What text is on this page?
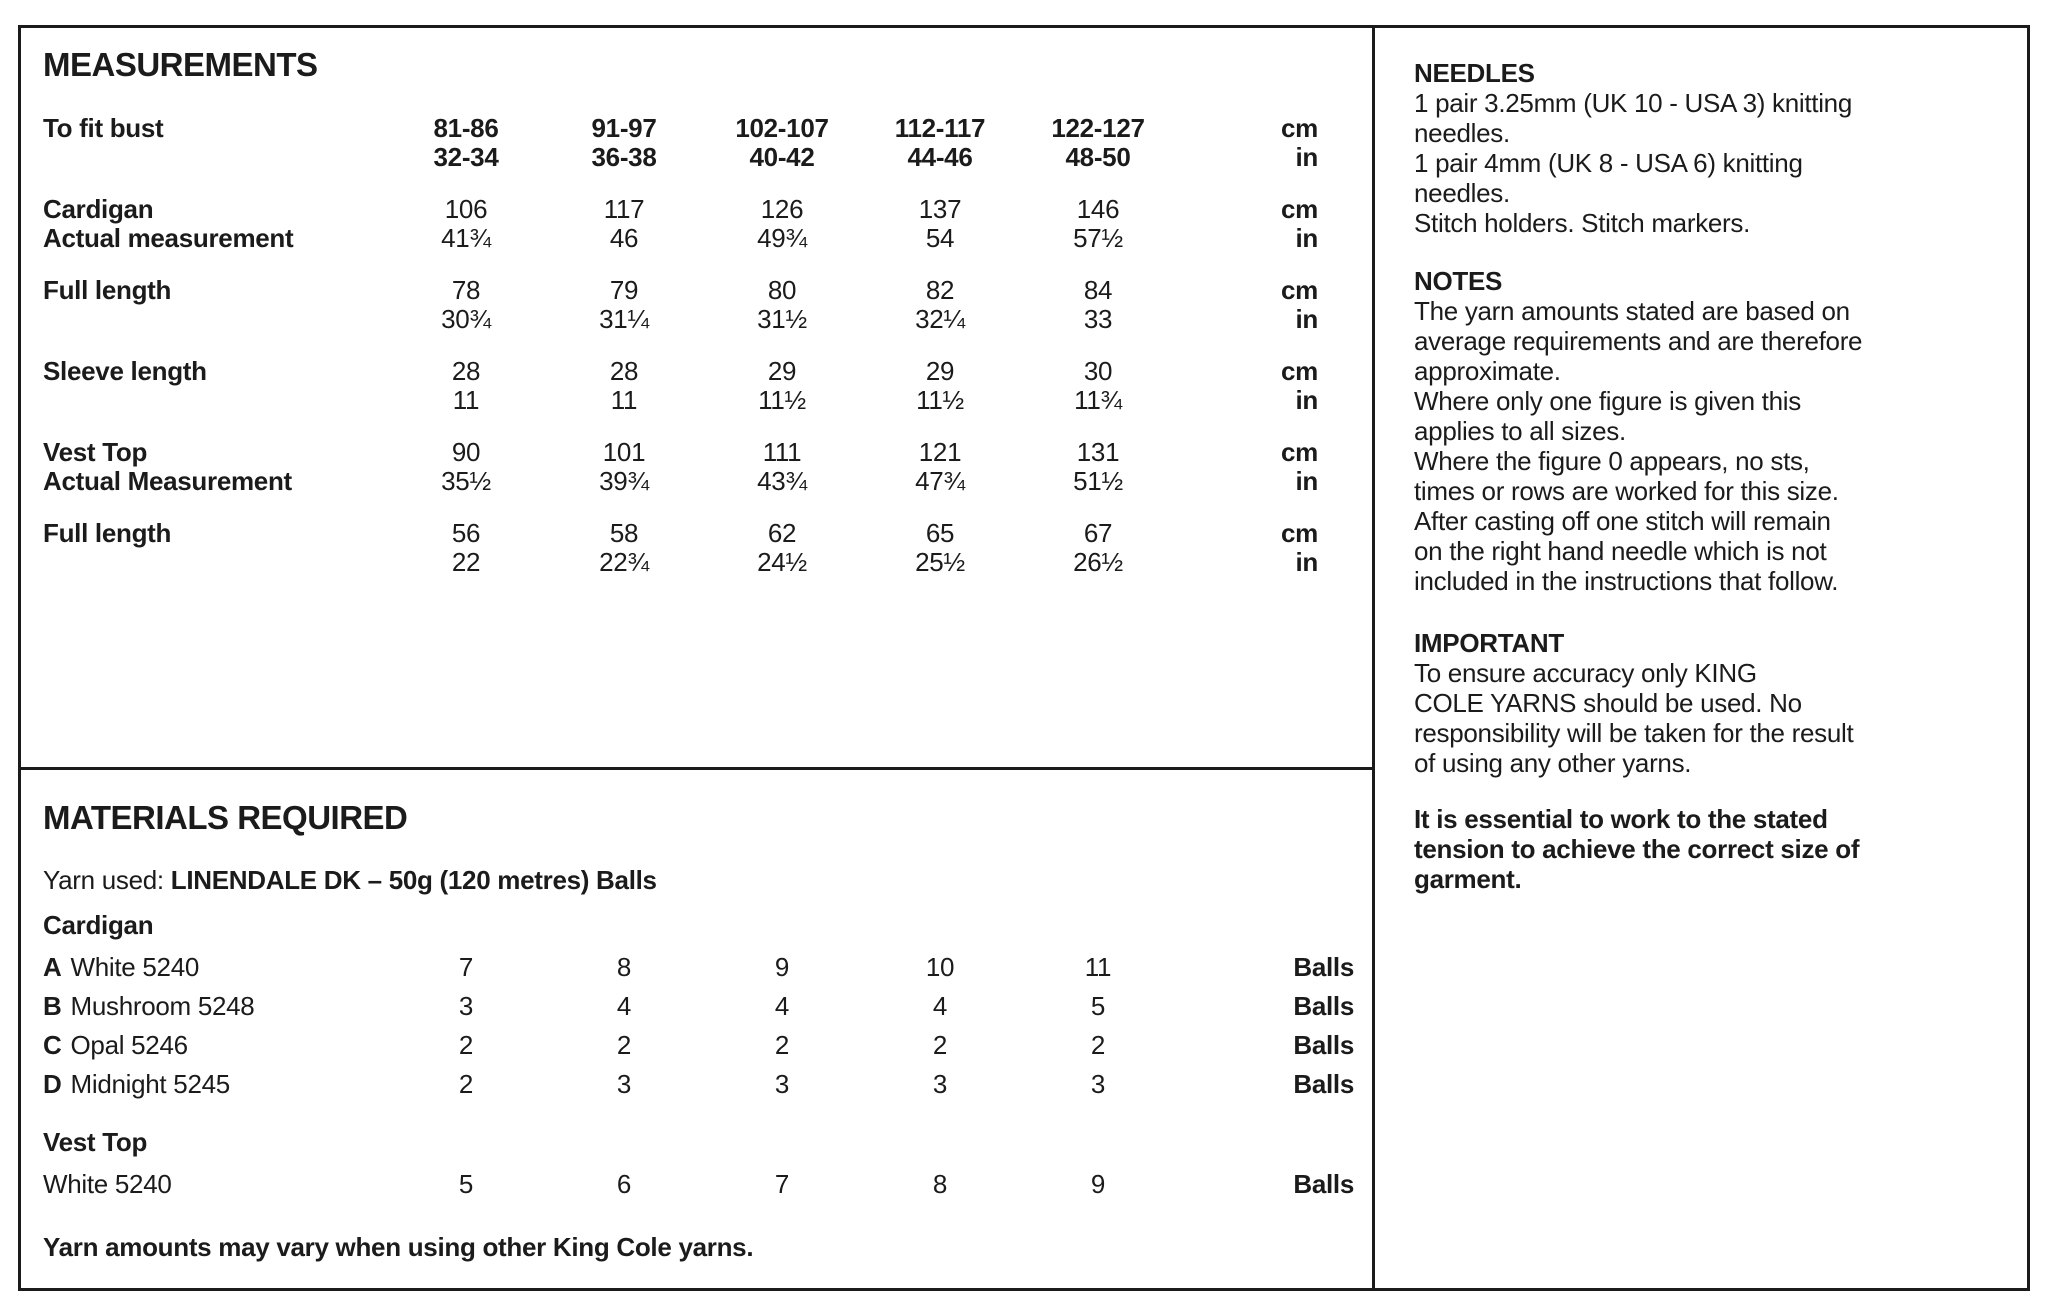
MEASUREMENTS
To fit bust	81-86	91-97	102-107	112-117	122-127	cm
32-34	36-38	40-42	44-46	48-50	in
Cardigan	106	117	126	137	146	cm
Actual measurement	41¾	46	49¾	54	57½	in
Full length	78	79	80	82	84	cm
30¾	31¼	31½	32¼	33	in
Sleeve length	28	28	29	29	30	cm
11	11	11½	11½	11¾	in
Vest Top	90	101	111	121	131	cm
Actual Measurement	35½	39¾	43¾	47¾	51½	in
Full length	56	58	62	65	67	cm
22	22¾	24½	25½	26½	in
MATERIALS REQUIRED

Yarn used: LINENDALE DK – 50g (120 metres) Balls

Cardigan
A White 5240	7	8	9	10	11	Balls
B Mushroom 5248	3	4	4	4	5	Balls
C Opal 5246	2	2	2	2	2	Balls
D Midnight 5245	2	3	3	3	3	Balls
Vest Top
White 5240	5	6	7	8	9	Balls

Yarn amounts may vary when using other King Cole yarns.

NEEDLES
1 pair 3.25mm (UK 10 - USA 3) knitting
needles.
1 pair 4mm (UK 8 - USA 6) knitting
needles.
Stitch holders. Stitch markers.
NOTES
The yarn amounts stated are based on
average requirements and are therefore
approximate.
Where only one figure is given this
applies to all sizes.
Where the figure 0 appears, no sts,
times or rows are worked for this size.
After casting off one stitch will remain
on the right hand needle which is not
included in the instructions that follow.
IMPORTANT
To ensure accuracy only KING
COLE YARNS should be used. No
responsibility will be taken for the result
of using any other yarns.
It is essential to work to the stated
tension to achieve the correct size of
garment.
